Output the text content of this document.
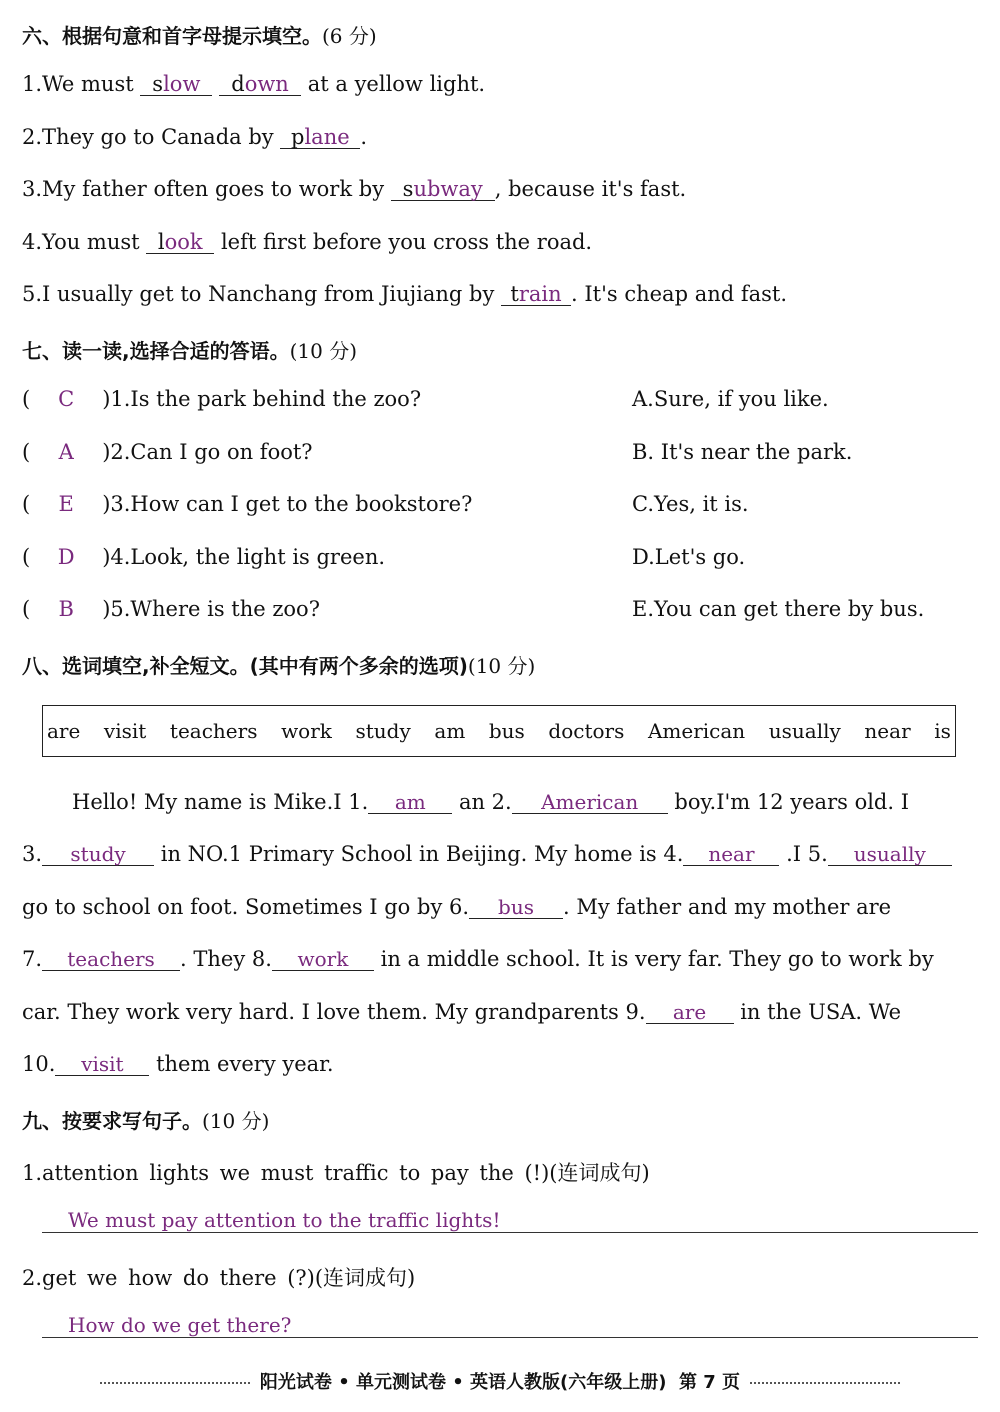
六、根据句意和首字母提示填空。(6 分)
1.We must slow down at a yellow light.
2.They go to Canada by plane .
3.My father often goes to work by subway , because it's fast.
4.You must look left first before you cross the road.
5.I usually get to Nanchang from Jiujiang by train . It's cheap and fast.
七、读一读,选择合适的答语。(10 分)
( C )1.Is the park behind the zoo?
( A )2.Can I go on foot?
( E )3.How can I get to the bookstore?
( D )4.Look, the light is green.
( B )5.Where is the zoo?
A.Sure, if you like.
B. It's near the park.
C.Yes, it is.
D.Let's go.
E.You can get there by bus.
八、选词填空,补全短文。(其中有两个多余的选项)(10 分)
are visit teachers work study am bus doctors American usually near is
Hello! My name is Mike.I 1. am an 2. American boy.I'm 12 years old. I
3. study in NO.1 Primary School in Beijing. My home is 4. near .I 5. usually
go to school on foot. Sometimes I go by 6. bus . My father and my mother are
7. teachers . They 8. work in a middle school. It is very far. They go to work by
car. They work very hard. I love them. My grandparents 9. are in the USA. We
10. visit them every year.
九、按要求写句子。(10 分)
1.attention lights we must traffic to pay the (!)(连词成句)
We must pay attention to the traffic lights!
2.get we how do there (?)(连词成句)
How do we get there?
阳光试卷 • 单元测试卷 • 英语人教版(六年级上册) 第 7 页
